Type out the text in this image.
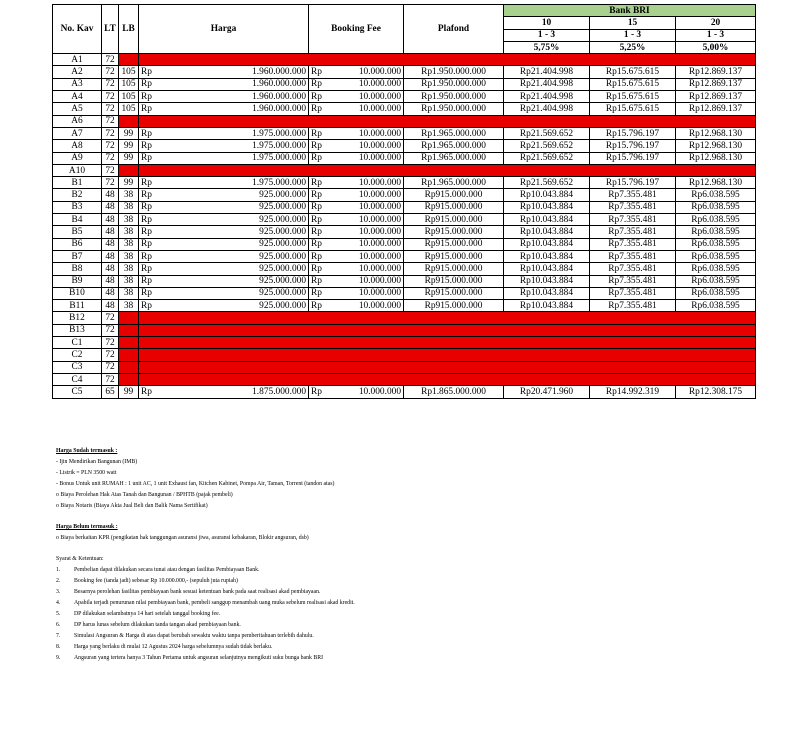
No. Kav	LT	LB	Harga		Booking Fee		Plafond	Bank BRI		
								10	15	20
								1 - 3	1 - 3	1 - 3
								5,75%	5,25%	5,00%
A1	72									
A2	72	105	Rp	1.960.000.000	Rp	10.000.000	Rp1.950.000.000	Rp21.404.998	Rp15.675.615	Rp12.869.137
A3	72	105	Rp	1.960.000.000	Rp	10.000.000	Rp1.950.000.000	Rp21.404.998	Rp15.675.615	Rp12.869.137
A4	72	105	Rp	1.960.000.000	Rp	10.000.000	Rp1.950.000.000	Rp21.404.998	Rp15.675.615	Rp12.869.137
A5	72	105	Rp	1.960.000.000	Rp	10.000.000	Rp1.950.000.000	Rp21.404.998	Rp15.675.615	Rp12.869.137
A6	72									
A7	72	99	Rp	1.975.000.000	Rp	10.000.000	Rp1.965.000.000	Rp21.569.652	Rp15.796.197	Rp12.968.130
A8	72	99	Rp	1.975.000.000	Rp	10.000.000	Rp1.965.000.000	Rp21.569.652	Rp15.796.197	Rp12.968.130
A9	72	99	Rp	1.975.000.000	Rp	10.000.000	Rp1.965.000.000	Rp21.569.652	Rp15.796.197	Rp12.968.130
A10	72									
B1	72	99	Rp	1.975.000.000	Rp	10.000.000	Rp1.965.000.000	Rp21.569.652	Rp15.796.197	Rp12.968.130
B2	48	38	Rp	925.000.000	Rp	10.000.000	Rp915.000.000	Rp10.043.884	Rp7.355.481	Rp6.038.595
B3	48	38	Rp	925.000.000	Rp	10.000.000	Rp915.000.000	Rp10.043.884	Rp7.355.481	Rp6.038.595
B4	48	38	Rp	925.000.000	Rp	10.000.000	Rp915.000.000	Rp10.043.884	Rp7.355.481	Rp6.038.595
B5	48	38	Rp	925.000.000	Rp	10.000.000	Rp915.000.000	Rp10.043.884	Rp7.355.481	Rp6.038.595
B6	48	38	Rp	925.000.000	Rp	10.000.000	Rp915.000.000	Rp10.043.884	Rp7.355.481	Rp6.038.595
B7	48	38	Rp	925.000.000	Rp	10.000.000	Rp915.000.000	Rp10.043.884	Rp7.355.481	Rp6.038.595
B8	48	38	Rp	925.000.000	Rp	10.000.000	Rp915.000.000	Rp10.043.884	Rp7.355.481	Rp6.038.595
B9	48	38	Rp	925.000.000	Rp	10.000.000	Rp915.000.000	Rp10.043.884	Rp7.355.481	Rp6.038.595
B10	48	38	Rp	925.000.000	Rp	10.000.000	Rp915.000.000	Rp10.043.884	Rp7.355.481	Rp6.038.595
B11	48	38	Rp	925.000.000	Rp	10.000.000	Rp915.000.000	Rp10.043.884	Rp7.355.481	Rp6.038.595
B12	72									
B13	72									
C1	72									
C2	72									
C3	72									
C4	72									
C5	65	99	Rp	1.875.000.000	Rp	10.000.000	Rp1.865.000.000	Rp20.471.960	Rp14.992.319	Rp12.308.175
Harga Sudah termasuk :
- Ijin Mendirikan Bangunan (IMB)
- Listrik = PLN 3500 watt
- Bonus Untuk unit RUMAH : 1 unit AC, 1 unit Exhaust fan, Kitchen Kabinet, Pompa Air, Taman, Torrent (tandon atas)
o Biaya Perolehan Hak Atas Tanah dan Bangunan / BPHTB (pajak pembeli)
o Biaya Notaris (Biaya Akta Jual Beli dan Balik Nama Sertifikat)
Harga Belum termasuk :
o Biaya berkaitan KPR (pengikatan hak tanggungan asuransi jiwa, asuransi kebakaran, Blokir angsuran, dsb)
Syarat & Ketentuan:
1. Pembelian dapat dilakukan secara tunai atau dengan fasilitas Pembiayaan Bank.
2. Booking fee (tanda jadi) sebesar Rp 10.000.000,- (sepuluh juta rupiah)
3. Besarnya perolehan fasilitas pembiayaan bank sesuai ketentuan bank pada saat realisasi akad pembiayaan.
4. Apabila terjadi penurunan nilai pembiayaan bank, pembeli sanggup menambah uang muka sebelum realisasi akad kredit.
5. DP dilakukan selambatnya 14 hari setelah tanggal booking fee.
6. DP harus lunas sebelum dilakukan tanda tangan akad pembiayaan bank.
7. Simulasi Angsuran & Harga di atas dapat berubah sewaktu waktu tanpa pemberitahuan terlebih dahulu.
8. Harga yang berlaku di mulai 12 Agustus 2024 harga sebelumnya sudah tidak berlaku.
9. Angsuran yang tertera hanya 3 Tahun Pertama untuk angsuran selanjutnya mengikuti suku bunga bank BRI
